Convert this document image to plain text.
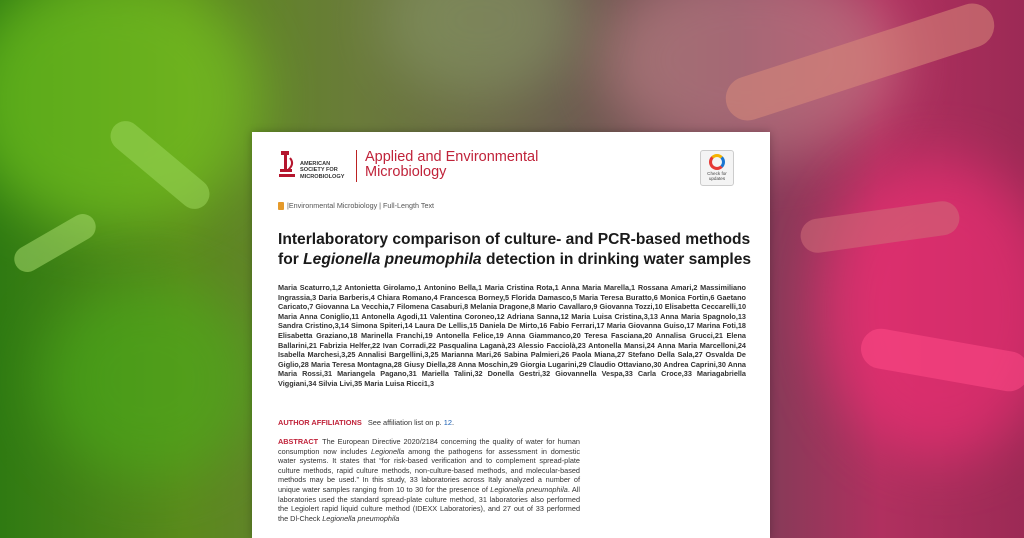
AMERICAN SOCIETY FOR MICROBIOLOGY
Applied and Environmental Microbiology	Check for updates
| Environmental Microbiology | Full-Length Text
Interlaboratory comparison of culture- and PCR-based methods for Legionella pneumophila detection in drinking water samples
Maria Scaturro,1,2 Antonietta Girolamo,1 Antonino Bella,1 Maria Cristina Rota,1 Anna Maria Marella,1 Rossana Amari,2 Massimiliano Ingrassia,3 Daria Barberis,4 Chiara Romano,4 Francesca Borney,5 Florida Damasco,5 Maria Teresa Buratto,6 Monica Fortin,6 Gaetano Caricato,7 Giovanna La Vecchia,7 Filomena Casaburi,8 Melania Dragone,8 Mario Cavallaro,9 Giovanna Tozzi,10 Elisabetta Ceccarelli,10 Maria Anna Coniglio,11 Antonella Agodi,11 Valentina Coroneo,12 Adriana Sanna,12 Maria Luisa Cristina,3,13 Anna Maria Spagnolo,13 Sandra Cristino,3,14 Simona Spiteri,14 Laura De Lellis,15 Daniela De Mirto,16 Fabio Ferrari,17 Maria Giovanna Guiso,17 Marina Foti,18 Elisabetta Graziano,18 Marinella Franchi,19 Antonella Felice,19 Anna Giammanco,20 Teresa Fasciana,20 Annalisa Grucci,21 Elena Ballarini,21 Fabrizia Helfer,22 Ivan Corradi,22 Pasqualina Laganà,23 Alessio Facciolà,23 Antonella Mansi,24 Anna Maria Marcelloni,24 Isabella Marchesi,3,25 Annalisi Bargellini,3,25 Marianna Mari,26 Sabina Palmieri,26 Paola Miana,27 Stefano Della Sala,27 Osvalda De Giglio,28 Maria Teresa Montagna,28 Giusy Diella,28 Anna Moschin,29 Giorgia Lugarini,29 Claudio Ottaviano,30 Andrea Caprini,30 Anna Maria Rossi,31 Mariangela Pagano,31 Mariella Talini,32 Donella Gestri,32 Giovannella Vespa,33 Carla Croce,33 Mariagabriella Viggiani,34 Silvia Livi,35 Maria Luisa Ricci1,3
AUTHOR AFFILIATIONS See affiliation list on p. 12.
ABSTRACT The European Directive 2020/2184 concerning the quality of water for human consumption now includes Legionella among the pathogens for assessment in domestic water systems. It states that “for risk-based verification and to complement spread-plate culture methods, rapid culture methods, non-culture-based methods, and molecular-based methods may be used.” In this study, 33 laboratories across Italy analyzed a number of unique water samples ranging from 10 to 30 for the presence of Legionella pneumophila. All laboratories used the standard spread-plate culture method, 31 laboratories also performed the Legiolert rapid liquid culture method (IDEXX Laboratories), and 27 out of 33 performed the Dl-Check Legionella pneumophila
